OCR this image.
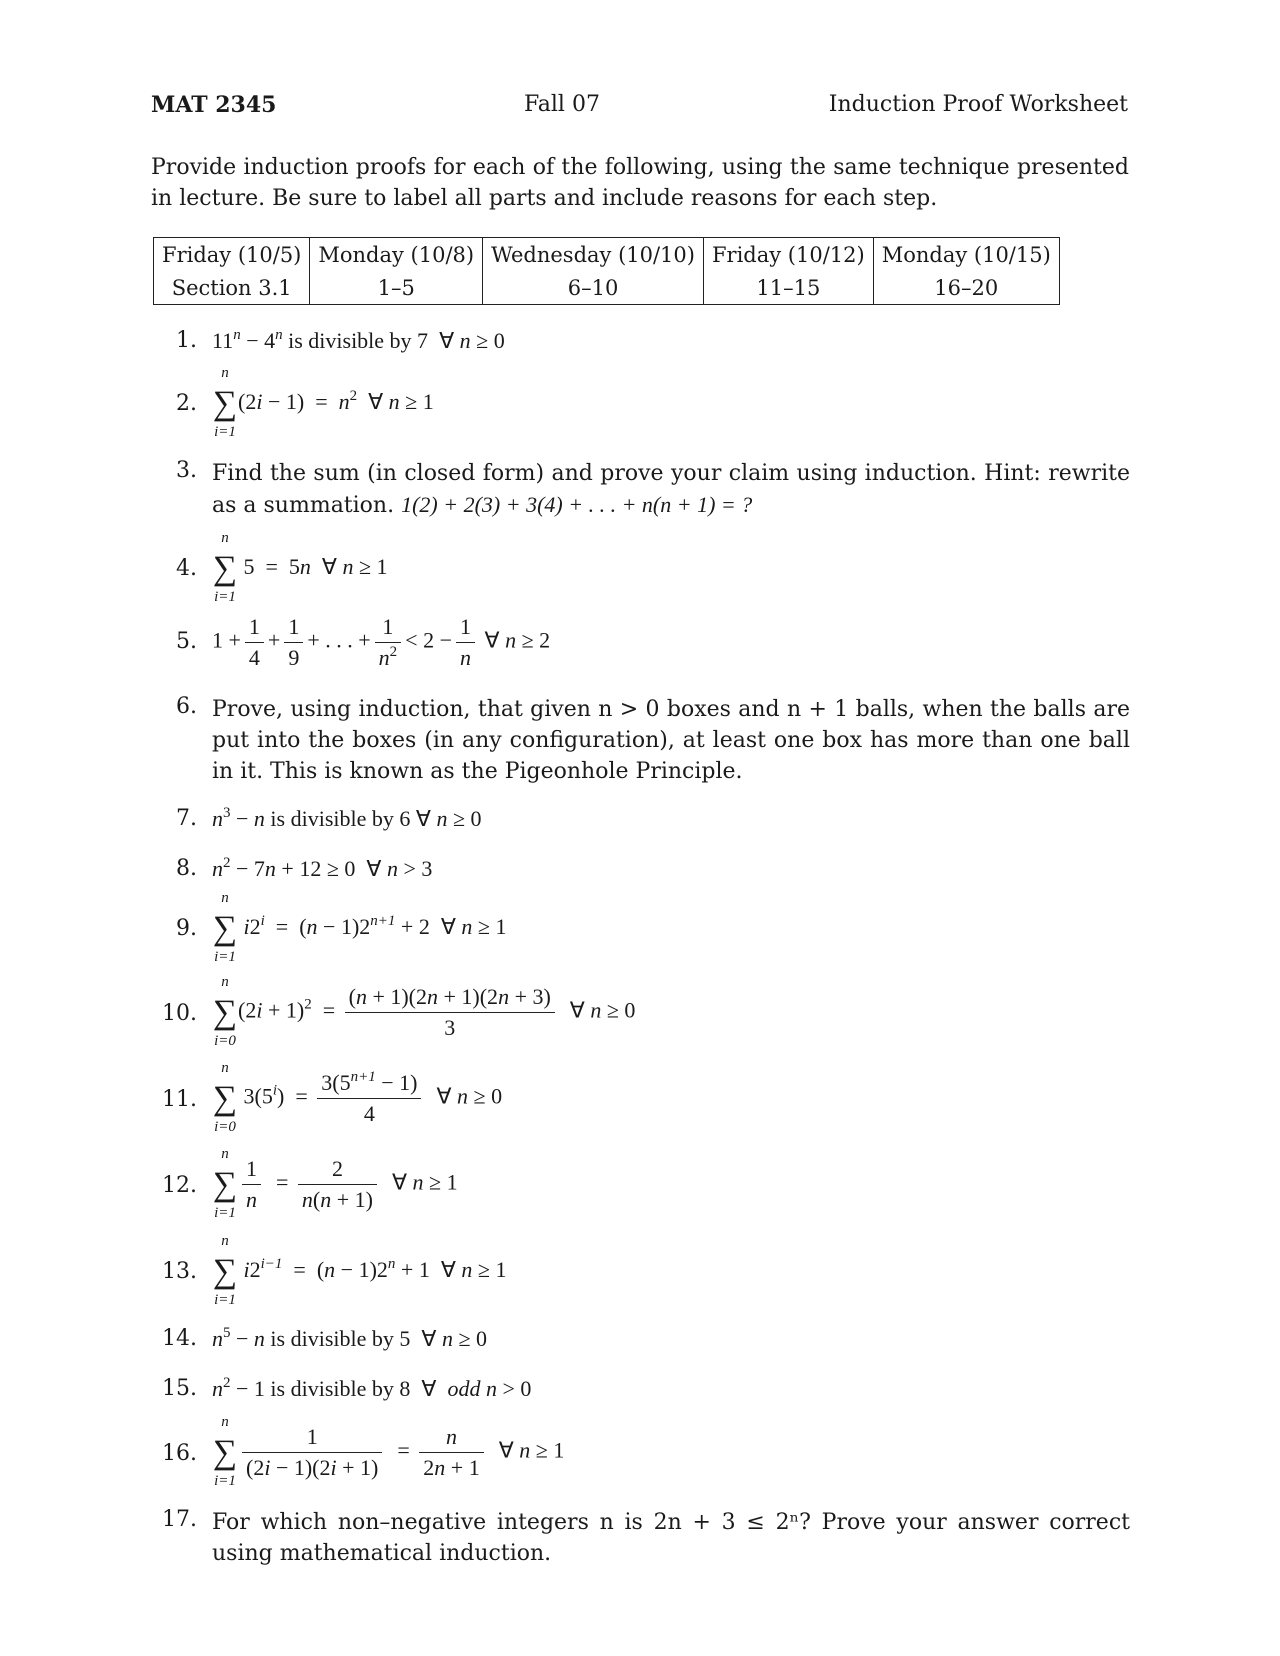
MAT 2345	Fall 07	Induction Proof Worksheet
Provide induction proofs for each of the following, using the same technique presented in lecture. Be sure to label all parts and include reasons for each step.
Friday (10/5)	Monday (10/8)	Wednesday (10/10)	Friday (10/12)	Monday (10/15)
Section 3.1	1–5	6–10	11–15	16–20
1. $11^n - 4^n$ is divisible by 7 ∀ n ≥ 0
2.
n
∑
i=1
$(2i - 1) = n^2$ ∀ n ≥ 1
3. Find the sum (in closed form) and prove your claim using induction. Hint: rewrite as a summation. 1(2) + 2(3) + 3(4) + . . . + n(n + 1) = ?
4.
n
∑
i=1
5 = 5n  ∀ n ≥ 1
5. $1 + \frac{1}{4} + \frac{1}{9}$ + . . . + $\frac{1}{n^2} < 2 - \frac{1}{n}$ ∀ n ≥ 2
6. Prove, using induction, that given n > 0 boxes and n + 1 balls, when the balls are put into the boxes (in any configuration), at least one box has more than one ball in it. This is known as the Pigeonhole Principle.
7. $n^3 - n$ is divisible by 6 ∀ n ≥ 0
8. $n^2 - 7n + 12 \ge 0$ ∀ n > 3
9.
n
∑
i=1
$i2^i = (n - 1)2^{n+1} + 2$ ∀ n ≥ 1
10.
n
∑
i=0
$(2i + 1)^2 = \frac{(n + 1)(2n + 1)(2n + 3)}{3}$ ∀ n ≥ 0
11.
n
∑
i=0
$3(5^i) = \frac{3(5^{n+1} - 1)}{4}$ ∀ n ≥ 0
12.
n
∑
$i=1 \frac{1}{n} = \frac{2}{n(n + 1)}$ ∀ n ≥ 1
13.
n
∑
i=1
$i2^{i-1} = (n - 1)2^n + 1$ ∀ n ≥ 1
14. $n^5 - n$ is divisible by 5 ∀ n ≥ 0
15. $n^2 - 1$ is divisible by 8 ∀  odd n > 0
16.
n
∑
$i=1 \frac{1}{(2i - 1)(2i + 1)} = \frac{n}{2n + 1}$ ∀ n ≥ 1
17. For which non–negative integers n is 2n + 3 ≤ 2ⁿ? Prove your answer correct using mathematical induction.
